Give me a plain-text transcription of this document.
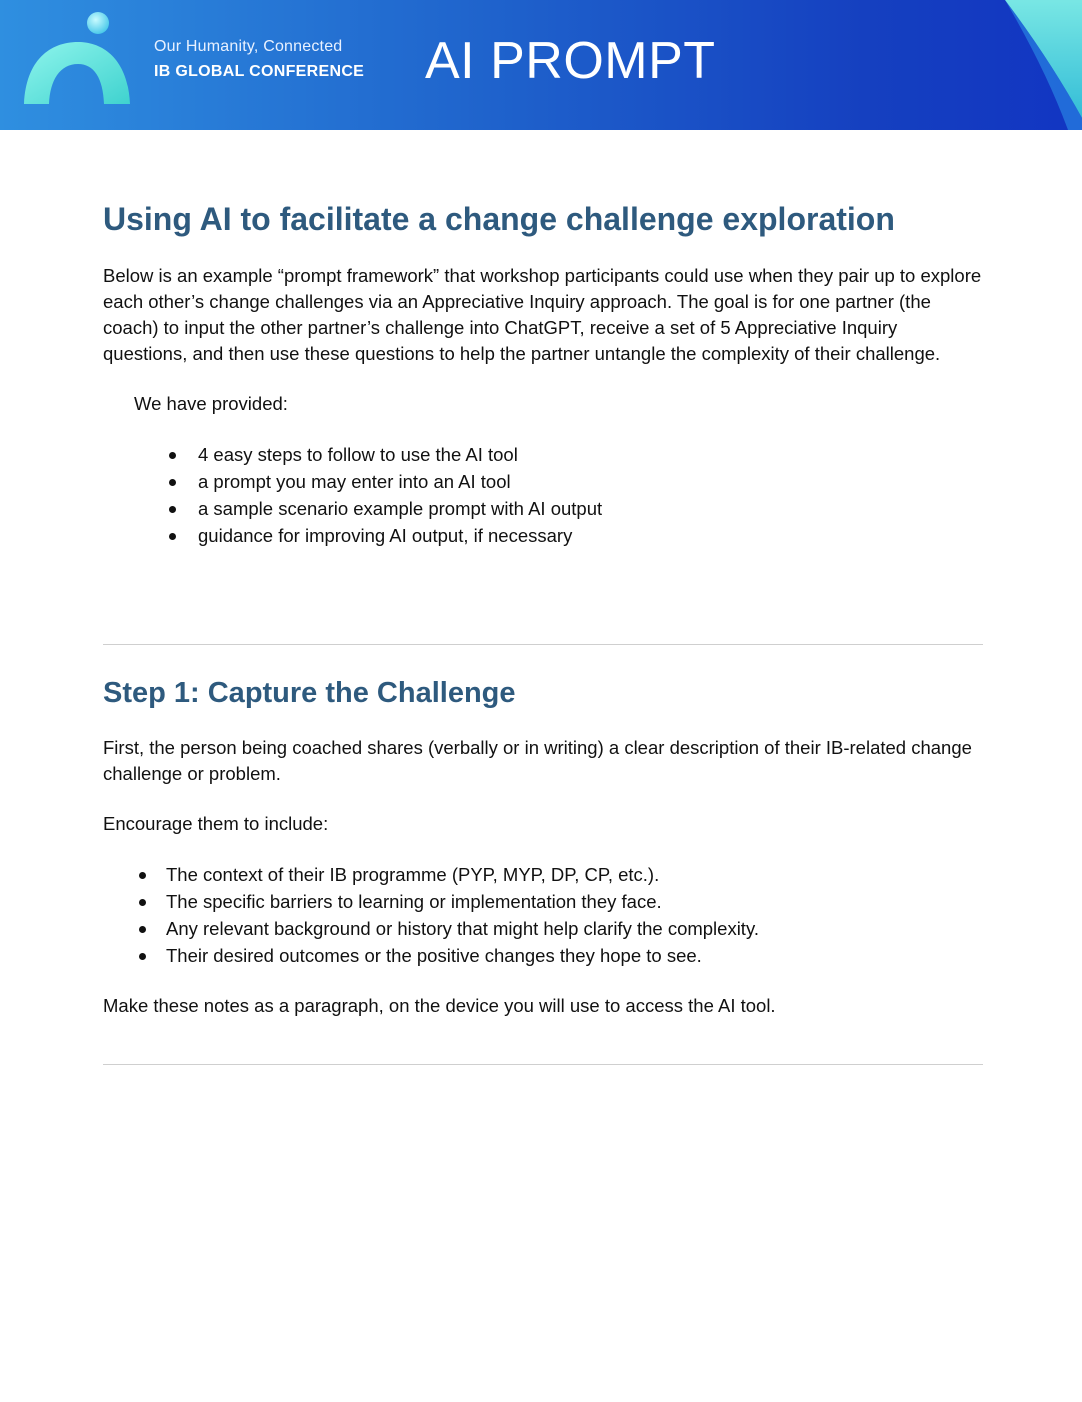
Our Humanity, Connected
IB GLOBAL CONFERENCE AI PROMPT
Using AI to facilitate a change challenge exploration

Below is an example “prompt framework” that workshop participants could use when they pair up to explore each other’s change challenges via an Appreciative Inquiry approach. The goal is for one partner (the coach) to input the other partner’s challenge into ChatGPT, receive a set of 5 Appreciative Inquiry questions, and then use these questions to help the partner untangle the complexity of their challenge.

We have provided:

4 easy steps to follow to use the AI tool
a prompt you may enter into an AI tool
a sample scenario example prompt with AI output
guidance for improving AI output, if necessary
Step 1: Capture the Challenge

First, the person being coached shares (verbally or in writing) a clear description of their IB-related change challenge or problem.

Encourage them to include:

The context of their IB programme (PYP, MYP, DP, CP, etc.).
The specific barriers to learning or implementation they face.
Any relevant background or history that might help clarify the complexity.
Their desired outcomes or the positive changes they hope to see.

Make these notes as a paragraph, on the device you will use to access the AI tool.
